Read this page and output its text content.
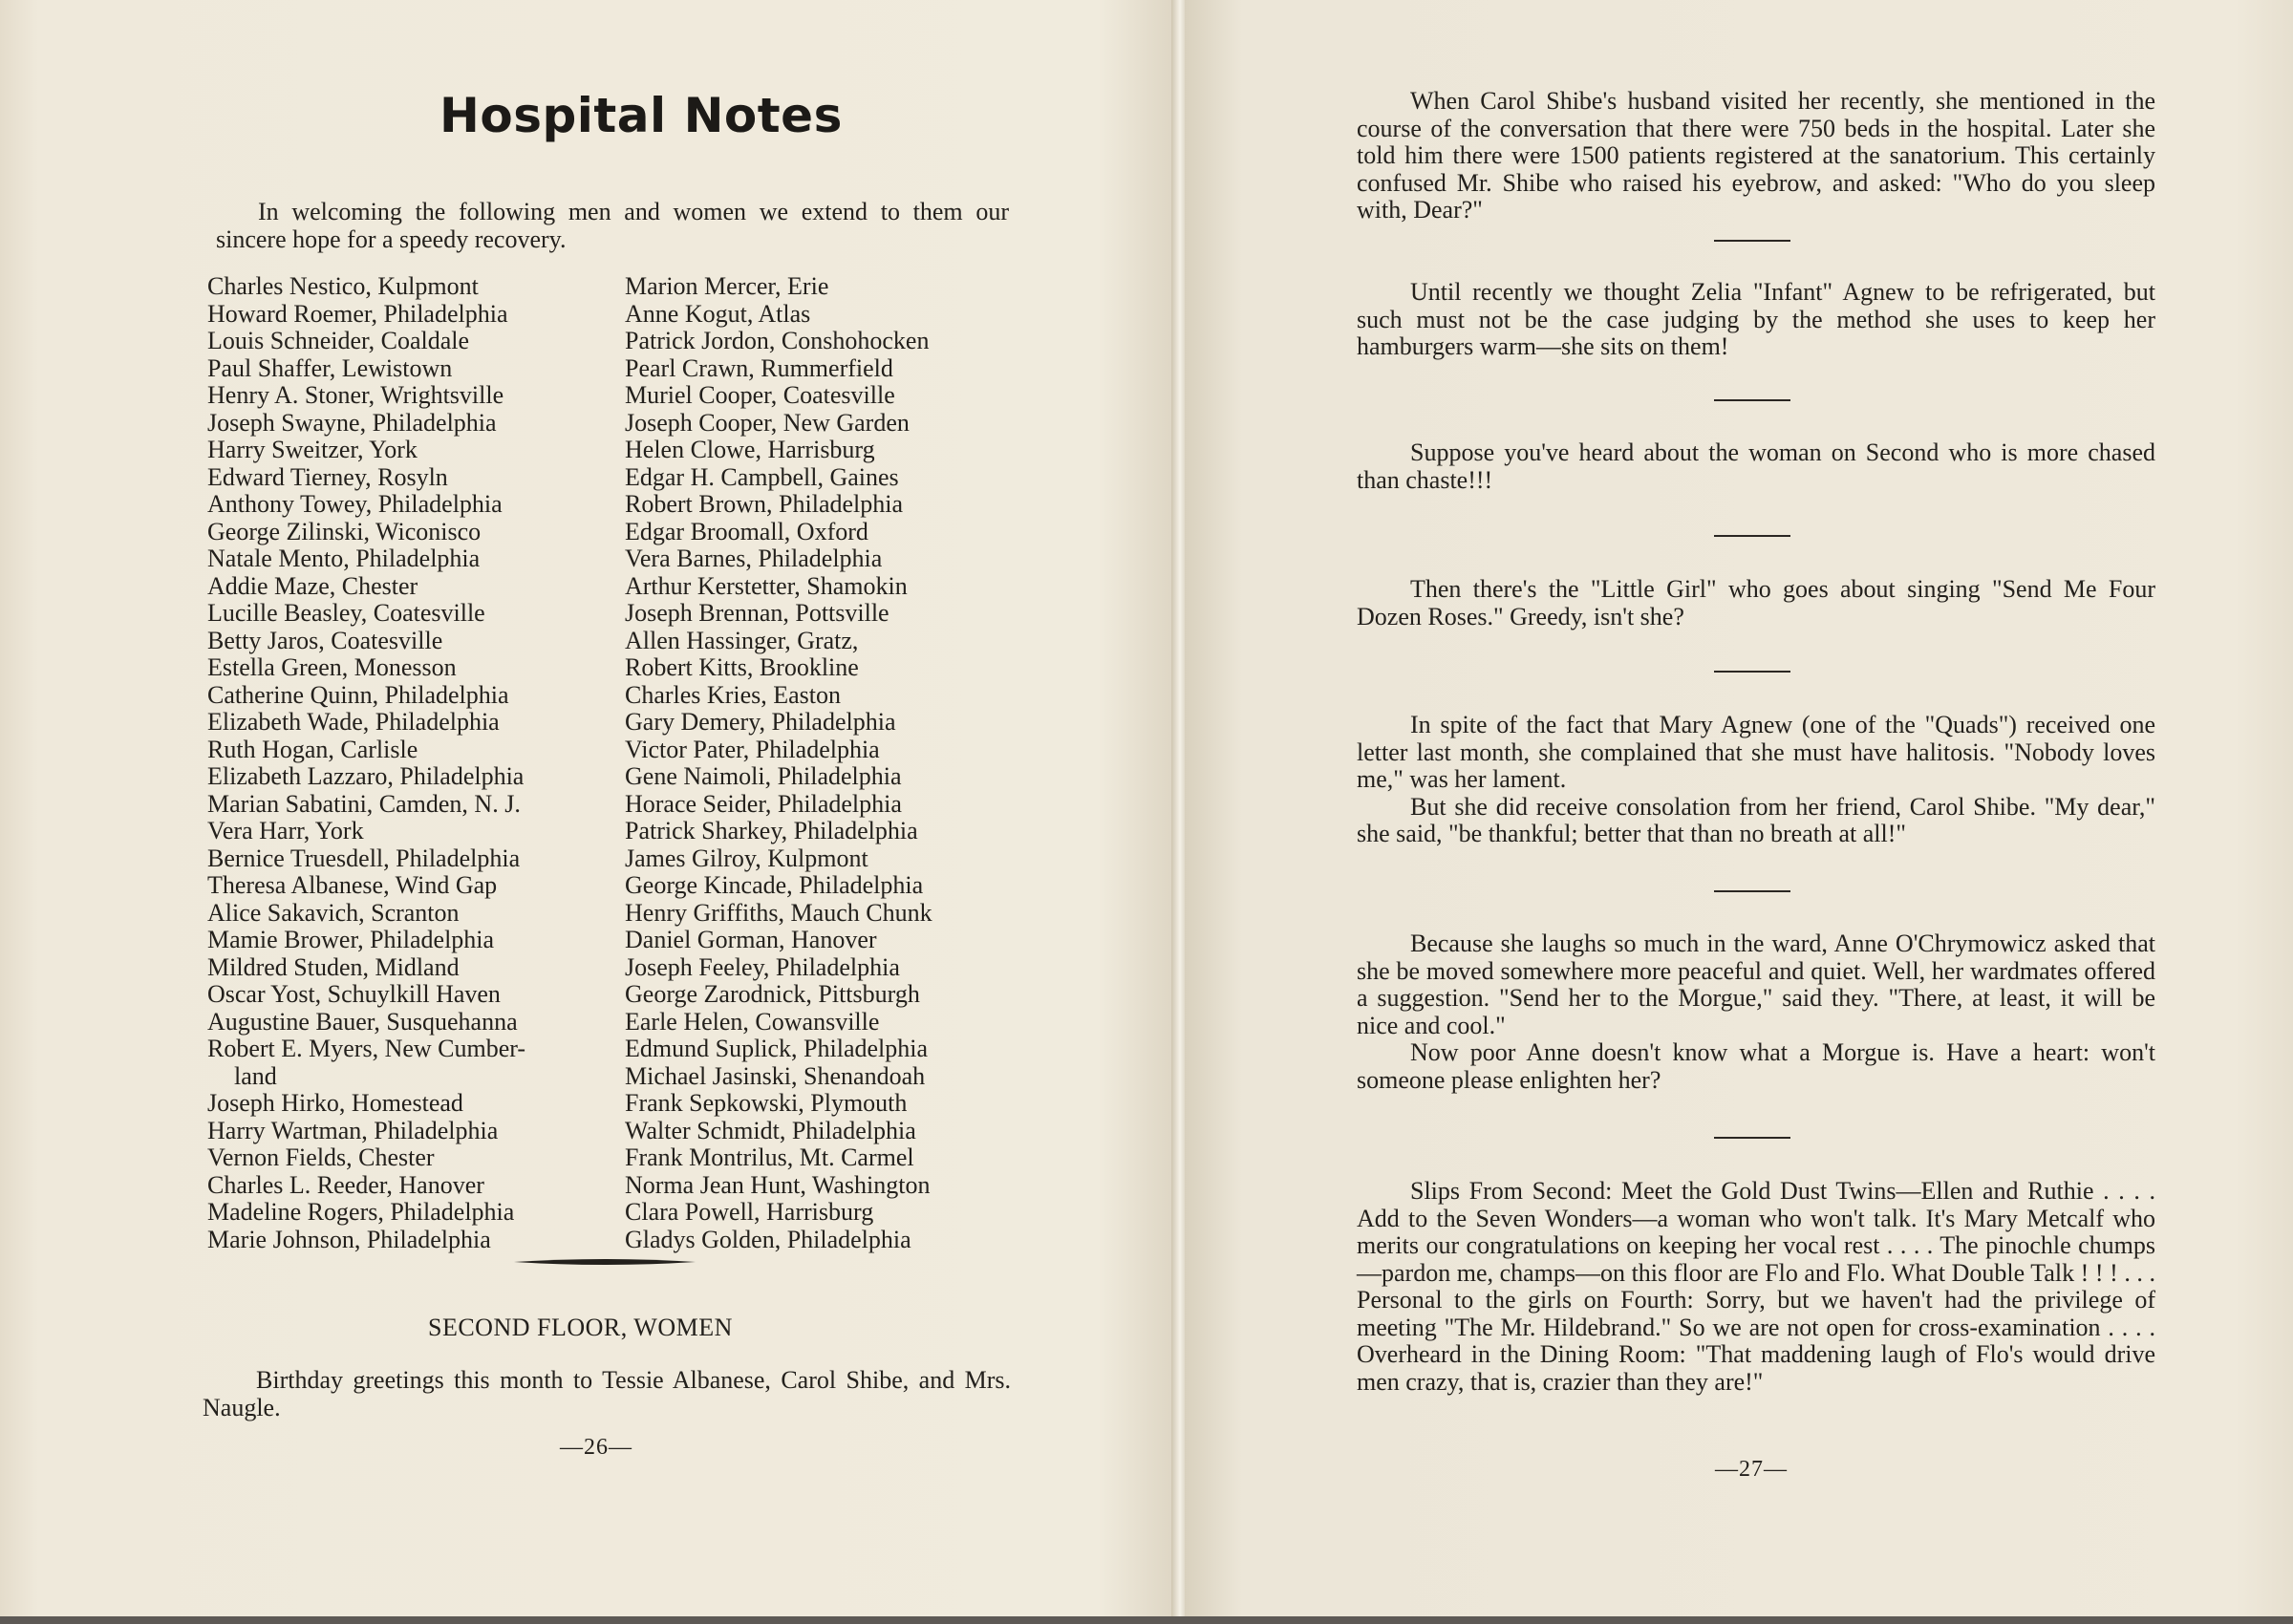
Hospital Notes
In welcoming the following men and women we extend to them our sincere hope for a speedy recovery.
Charles Nestico, Kulpmont
Howard Roemer, Philadelphia
Louis Schneider, Coaldale
Paul Shaffer, Lewistown
Henry A. Stoner, Wrightsville
Joseph Swayne, Philadelphia
Harry Sweitzer, York
Edward Tierney, Rosyln
Anthony Towey, Philadelphia
George Zilinski, Wiconisco
Natale Mento, Philadelphia
Addie Maze, Chester
Lucille Beasley, Coatesville
Betty Jaros, Coatesville
Estella Green, Monesson
Catherine Quinn, Philadelphia
Elizabeth Wade, Philadelphia
Ruth Hogan, Carlisle
Elizabeth Lazzaro, Philadelphia
Marian Sabatini, Camden, N. J.
Vera Harr, York
Bernice Truesdell, Philadelphia
Theresa Albanese, Wind Gap
Alice Sakavich, Scranton
Mamie Brower, Philadelphia
Mildred Studen, Midland
Oscar Yost, Schuylkill Haven
Augustine Bauer, Susquehanna
Robert E. Myers, New Cumber-
land
Joseph Hirko, Homestead
Harry Wartman, Philadelphia
Vernon Fields, Chester
Charles L. Reeder, Hanover
Madeline Rogers, Philadelphia
Marie Johnson, Philadelphia
Marion Mercer, Erie
Anne Kogut, Atlas
Patrick Jordon, Conshohocken
Pearl Crawn, Rummerfield
Muriel Cooper, Coatesville
Joseph Cooper, New Garden
Helen Clowe, Harrisburg
Edgar H. Campbell, Gaines
Robert Brown, Philadelphia
Edgar Broomall, Oxford
Vera Barnes, Philadelphia
Arthur Kerstetter, Shamokin
Joseph Brennan, Pottsville
Allen Hassinger, Gratz,
Robert Kitts, Brookline
Charles Kries, Easton
Gary Demery, Philadelphia
Victor Pater, Philadelphia
Gene Naimoli, Philadelphia
Horace Seider, Philadelphia
Patrick Sharkey, Philadelphia
James Gilroy, Kulpmont
George Kincade, Philadelphia
Henry Griffiths, Mauch Chunk
Daniel Gorman, Hanover
Joseph Feeley, Philadelphia
George Zarodnick, Pittsburgh
Earle Helen, Cowansville
Edmund Suplick, Philadelphia
Michael Jasinski, Shenandoah
Frank Sepkowski, Plymouth
Walter Schmidt, Philadelphia
Frank Montrilus, Mt. Carmel
Norma Jean Hunt, Washington
Clara Powell, Harrisburg
Gladys Golden, Philadelphia
SECOND FLOOR, WOMEN
Birthday greetings this month to Tessie Albanese, Carol Shibe, and Mrs. Naugle.
—26—

When Carol Shibe's husband visited her recently, she mentioned in the course of the conversation that there were 750 beds in the hospital. Later she told him there were 1500 patients registered at the sanatorium. This certainly confused Mr. Shibe who raised his eyebrow, and asked: "Who do you sleep with, Dear?"

Until recently we thought Zelia "Infant" Agnew to be refrigerated, but such must not be the case judging by the method she uses to keep her hamburgers warm—she sits on them!

Suppose you've heard about the woman on Second who is more chased than chaste!!!

Then there's the "Little Girl" who goes about singing "Send Me Four Dozen Roses." Greedy, isn't she?

In spite of the fact that Mary Agnew (one of the "Quads") received one letter last month, she complained that she must have halitosis. "Nobody loves me," was her lament.

But she did receive consolation from her friend, Carol Shibe. "My dear," she said, "be thankful; better that than no breath at all!"

Because she laughs so much in the ward, Anne O'Chrymowicz asked that she be moved somewhere more peaceful and quiet. Well, her wardmates offered a suggestion. "Send her to the Morgue," said they. "There, at least, it will be nice and cool."

Now poor Anne doesn't know what a Morgue is. Have a heart: won't someone please enlighten her?

Slips From Second: Meet the Gold Dust Twins—Ellen and Ruthie . . . . Add to the Seven Wonders—a woman who won't talk. It's Mary Metcalf who merits our congratulations on keeping her vocal rest . . . . The pinochle chumps—pardon me, champs—on this floor are Flo and Flo. What Double Talk ! ! ! . . . Personal to the girls on Fourth: Sorry, but we haven't had the privilege of meeting "The Mr. Hildebrand." So we are not open for cross-examination . . . . Overheard in the Dining Room: "That maddening laugh of Flo's would drive men crazy, that is, crazier than they are!"

—27—
